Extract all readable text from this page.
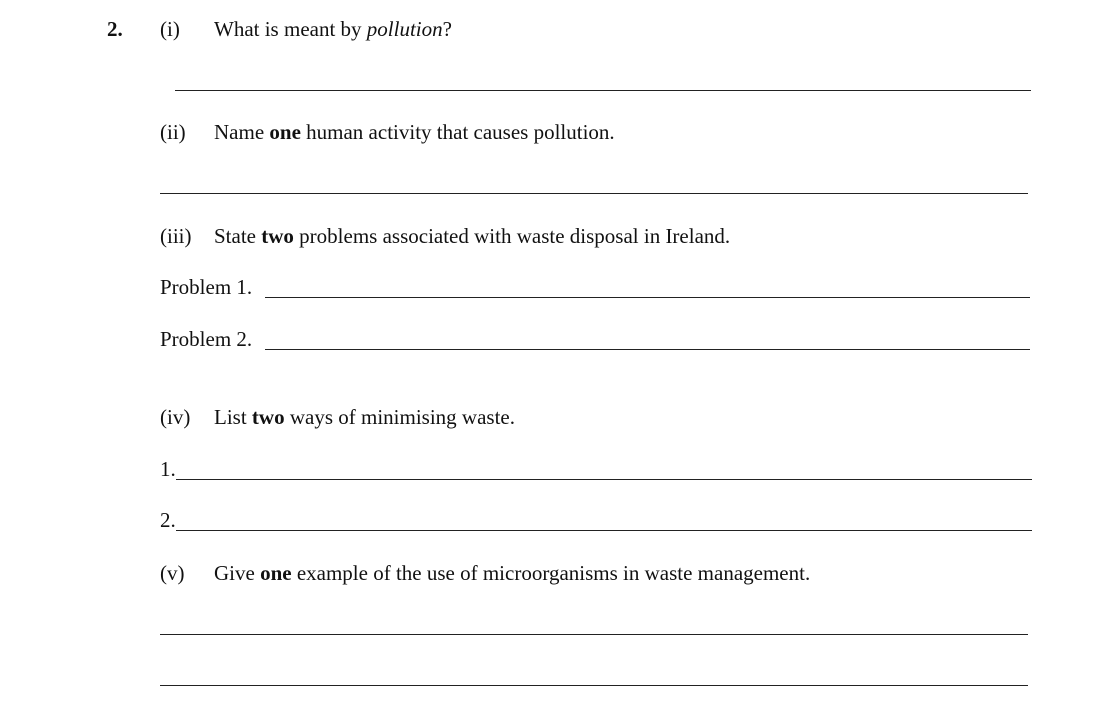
2. (i) What is meant by pollution?
(ii) Name one human activity that causes pollution.
(iii) State two problems associated with waste disposal in Ireland.
Problem 1.
Problem 2.
(iv) List two ways of minimising waste.
1.
2.
(v) Give one example of the use of microorganisms in waste management.
